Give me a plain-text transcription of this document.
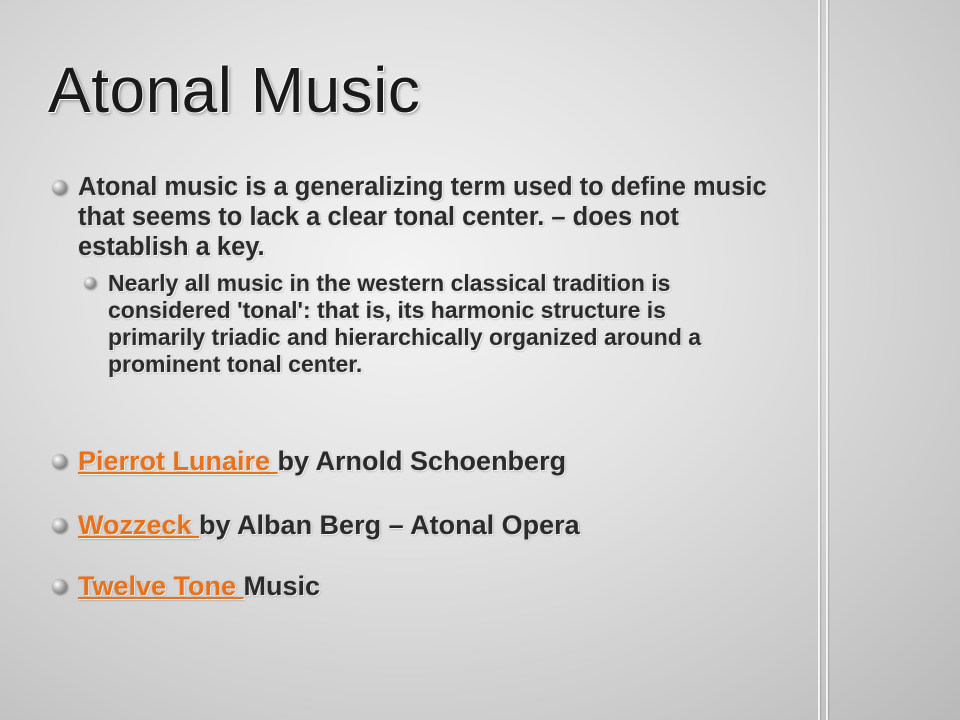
Atonal Music
Atonal music is a generalizing term used to define music that seems to lack a clear tonal center. – does not establish a key.
Nearly all music in the western classical tradition is considered 'tonal': that is, its harmonic structure is primarily triadic and hierarchically organized around a prominent tonal center.
Pierrot Lunaire by Arnold Schoenberg
Wozzeck by Alban Berg – Atonal Opera
Twelve Tone Music
